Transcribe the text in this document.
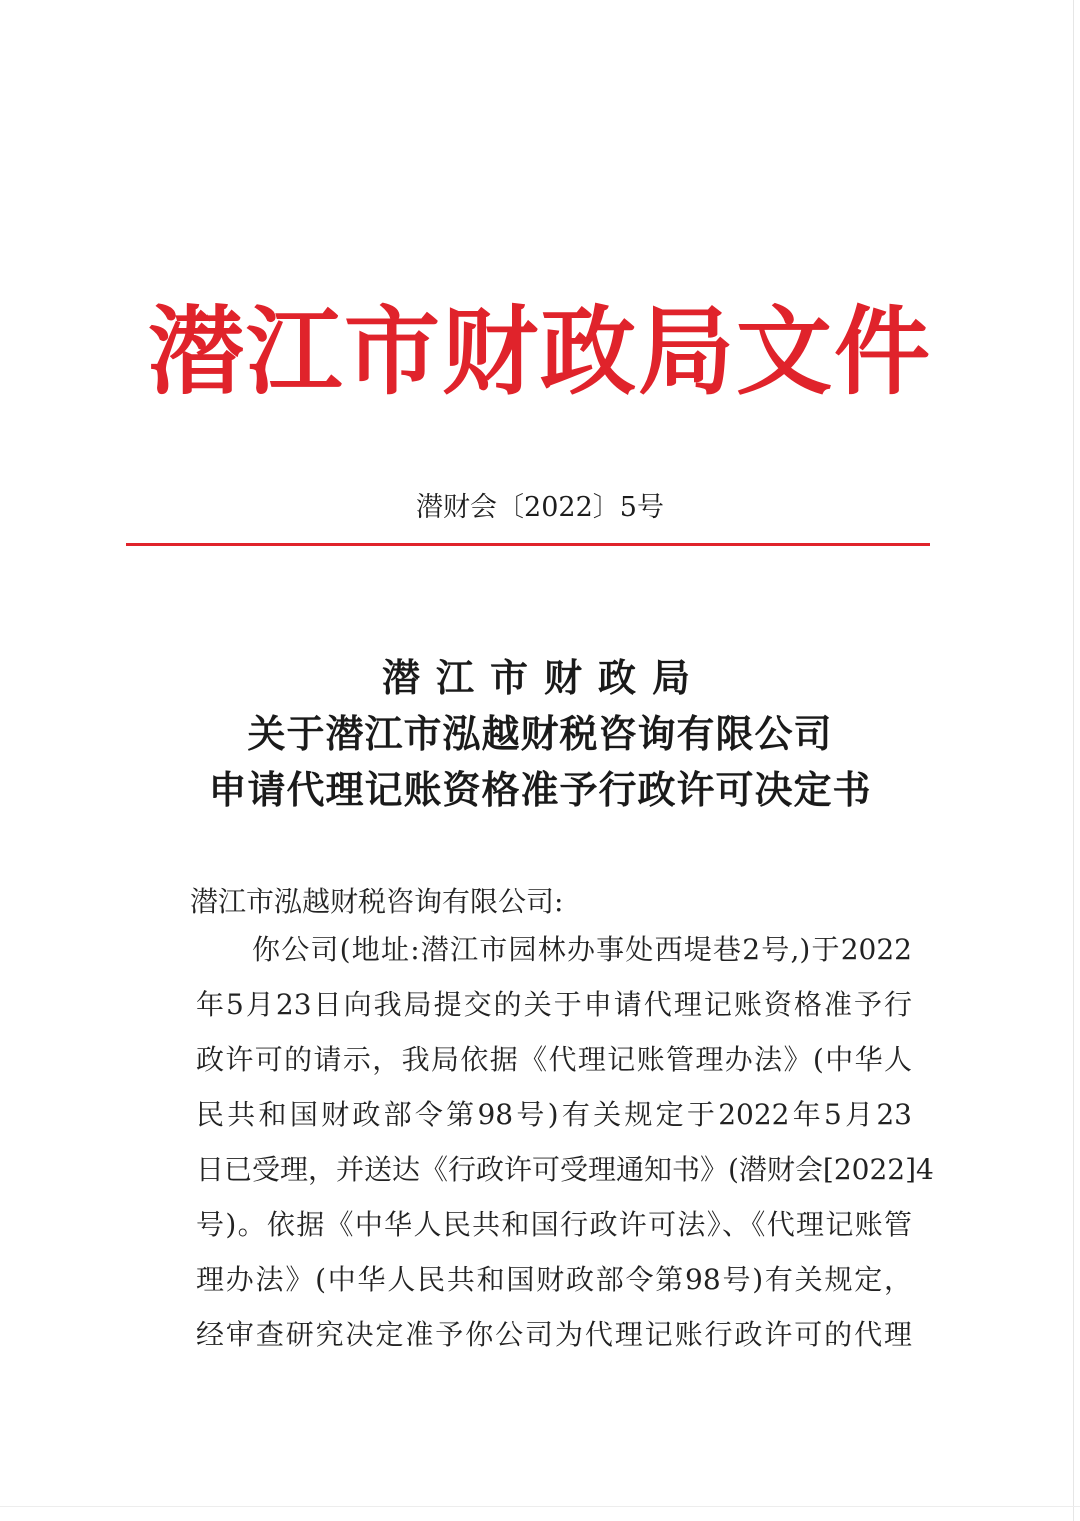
潜江市财政局文件
潜财会〔2022〕5号
潜江市财政局
关于潜江市泓越财税咨询有限公司
申请代理记账资格准予行政许可决定书
潜江市泓越财税咨询有限公司:
你公司(地址:潜江市园林办事处西堤巷2号,)于2022
年5月23日向我局提交的关于申请代理记账资格准予行
政许可的请示，我局依据《代理记账管理办法》(中华人
民共和国财政部令第98号)有关规定于2022年5月23
日已受理，并送达《行政许可受理通知书》(潜财会[2022]4
号)。依据《中华人民共和国行政许可法》、《代理记账管
理办法》(中华人民共和国财政部令第98号)有关规定，
经审查研究决定准予你公司为代理记账行政许可的代理
